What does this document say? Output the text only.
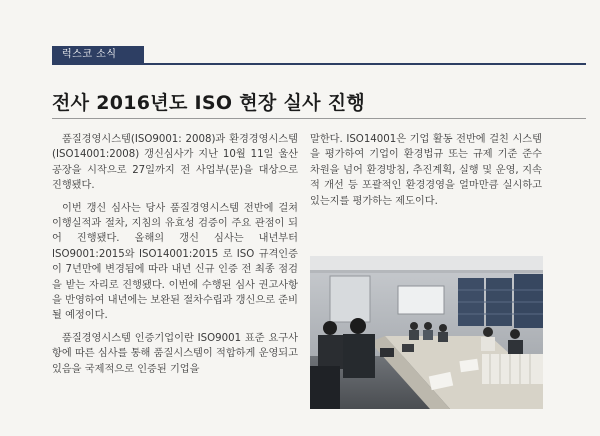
럭스코 소식
전사 2016년도 ISO 현장 실사 진행

품질경영시스템(ISO9001: 2008)과 환경경영시스템(ISO14001:2008) 갱신심사가 지난 10월 11일 울산공장을 시작으로 27일까지 전 사업부(문)을 대상으로 진행됐다.

이번 갱신 심사는 당사 품질경영시스템 전반에 걸쳐 이행실적과 절차, 지침의 유효성 검증이 주요 관점이 되어 진행됐다. 올해의 갱신 심사는 내년부터 ISO9001:2015와 ISO14001:2015 로 ISO 규격인증이 7년만에 변경됨에 따라 내년 신규 인증 전 최종 점검을 받는 자리로 진행됐다. 이번에 수행된 심사 권고사항을 반영하여 내년에는 보완된 절차수립과 갱신으로 준비될 예정이다.

품질경영시스템 인증기업이란 ISO9001 표준 요구사항에 따른 심사를 통해 품질시스템이 적합하게 운영되고 있음을 국제적으로 인증된 기업을

말한다. ISO14001은 기업 활동 전반에 걸친 시스템을 평가하여 기업이 환경법규 또는 규제 기준 준수 차원을 넘어 환경방침, 추진계획, 실행 및 운영, 지속적 개선 등 포괄적인 환경경영을 얼마만큼 실시하고 있는지를 평가하는 제도이다.
